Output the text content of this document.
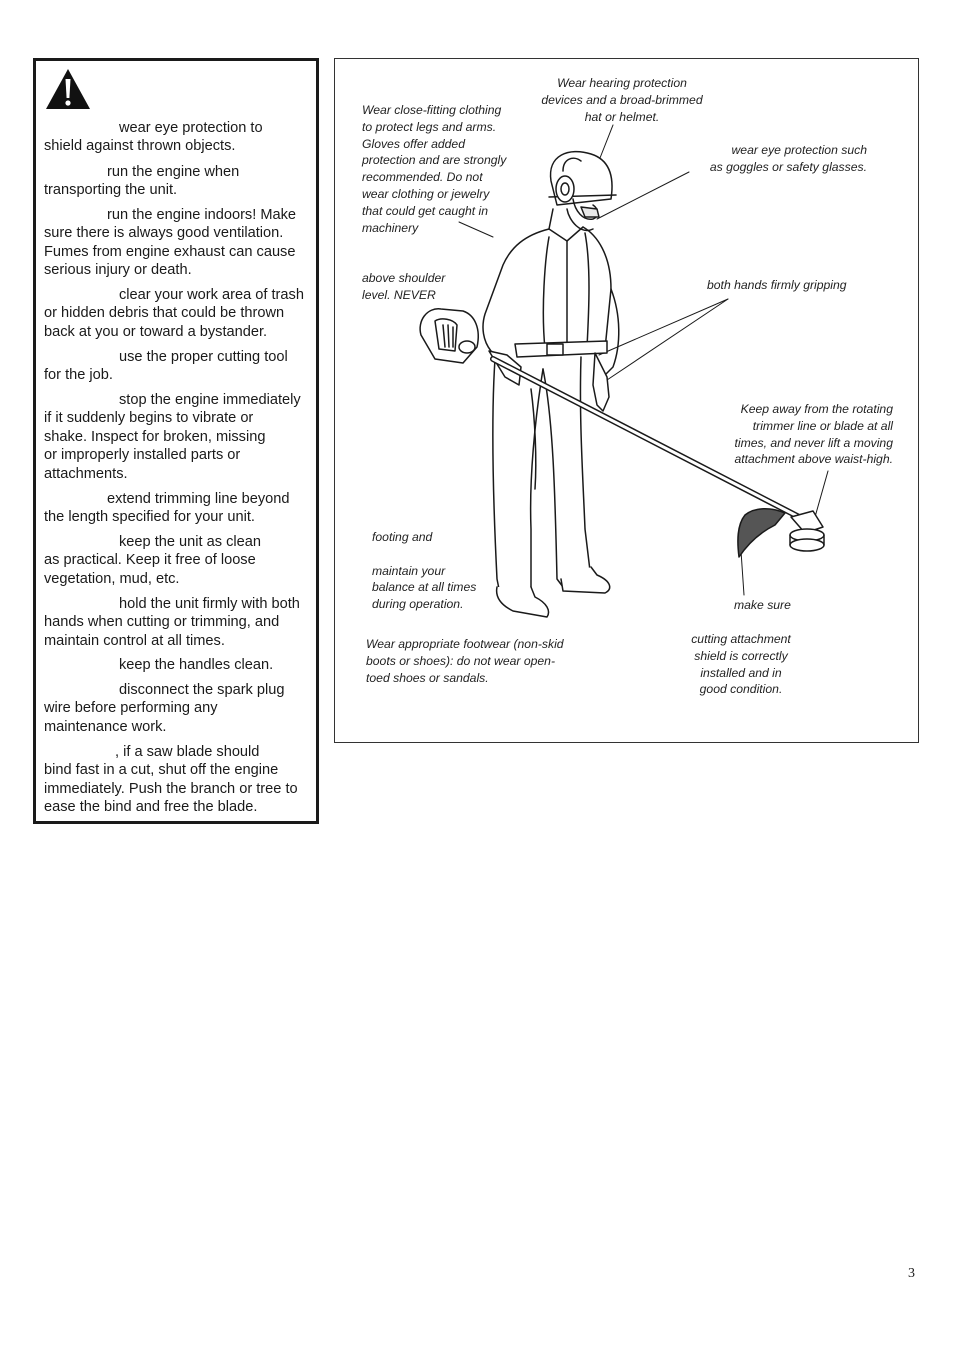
wear eye protection to
shield against thrown objects.
run the engine when
transporting the unit.
run the engine indoors! Make
sure there is always good ventilation.
Fumes from engine exhaust can cause
serious injury or death.
clear your work area of trash
or hidden debris that could be thrown
back at you or toward a bystander.
use the proper cutting tool
for the job.
stop the engine immediately
if it suddenly begins to vibrate or
shake. Inspect for broken, missing
or improperly installed parts or
attachments.
extend trimming line beyond
the length specified for your unit.
keep the unit as clean
as practical. Keep it free of loose
vegetation, mud, etc.
hold the unit firmly with both
hands when cutting or trimming, and
maintain control at all times.
keep the handles clean.
disconnect the spark plug
wire before performing any
maintenance work.
, if a saw blade should
bind fast in a cut, shut off the engine
immediately. Push the branch or tree to
ease the bind and free the blade.
Wear hearing protection
devices and a broad-brimmed
hat or helmet.
Wear close-fitting clothing
to protect legs and arms.
Gloves offer added
protection and are strongly
recommended. Do not
wear clothing or jewelry
that could get caught in
machinery
wear eye protection such
as goggles or safety glasses.
above shoulder
level. NEVER
both hands firmly gripping
Keep away from the rotating
trimmer line or blade at all
times, and never lift a moving
attachment above waist-high.
footing and

maintain your
balance at all times
during operation.	make sure
Wear appropriate footwear (non-skid
boots or shoes): do not wear open-
toed shoes or sandals.
cutting attachment
shield is correctly
installed and in
good condition.
3
